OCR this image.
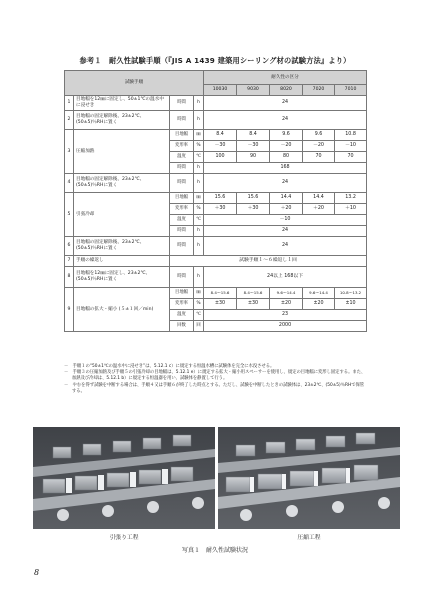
参考１　耐久性試験手順（『JIS A 1439 建築用シーリング材の試験方法』より）
試験手順				耐久性の区分				
				10030	9030	8020	7020	7010
1	目地幅を12㎜に固定し、50±1℃の温水中に浸せき	時間	h	24				
2	目地幅の固定解除後、23±2℃、(50±5)％RHに置く	時間	h	24				
3	圧縮加熱	目地幅	㎜	8.4	8.4	9.6	9.6	10.8
		変形率	%	－30	－30	－20	－20	－10
		温度	℃	100	90	80	70	70
		時間	h	168				
4	目地幅の固定解除後、23±2℃、(50±5)％RHに置く	時間	h	24				
5	引張冷却	目地幅	㎜	15.6	15.6	14.4	14.4	13.2
		変形率	%	＋30	＋30	＋20	＋20	＋10
		温度	℃	－10				
		時間	h	24				
6	目地幅の固定解除後、23±2℃、(50±5)％RHに置く	時間	h	24				
7	手順の繰返し	試験手順１～６繰返し１回						
8	目地幅を12㎜に固定し、23±2℃、(50±5)％RHに置く	時間	h	24以上 168以下				
9	目地幅の拡大・縮小 (５±１回／min)	目地幅	㎜	8.4～15.6	8.4～15.6	9.6～14.4	9.6～14.4	10.8～13.2
		変形率	%	±30	±30	±20	±20	±10
		温度	℃	23				
		回数	回	2000				
－　手順１の“50±1℃の温水中に浸せき”は、5.12.1 c）に規定する恒温水槽に試験体を完全に水没させる。
－　手順３の圧縮加熱及び手順５の引張冷却の目地幅は、5.12.1 e）に規定する拡大・縮小用スペーサーを使用し、規定の目地幅に変形し固定する。また、加熱及び冷却は、5.12.1 b）に規定する恒温器を用い、試験体を静置して行う。
－　やむを得ず試験を中断する場合は、手順４又は手順６が終了した時点とする。ただし、試験を中断したときの試験体は、23±2℃、(50±5)％RHで保管する。
引張り工程	圧縮工程
写真１　耐久性試験状況
8
